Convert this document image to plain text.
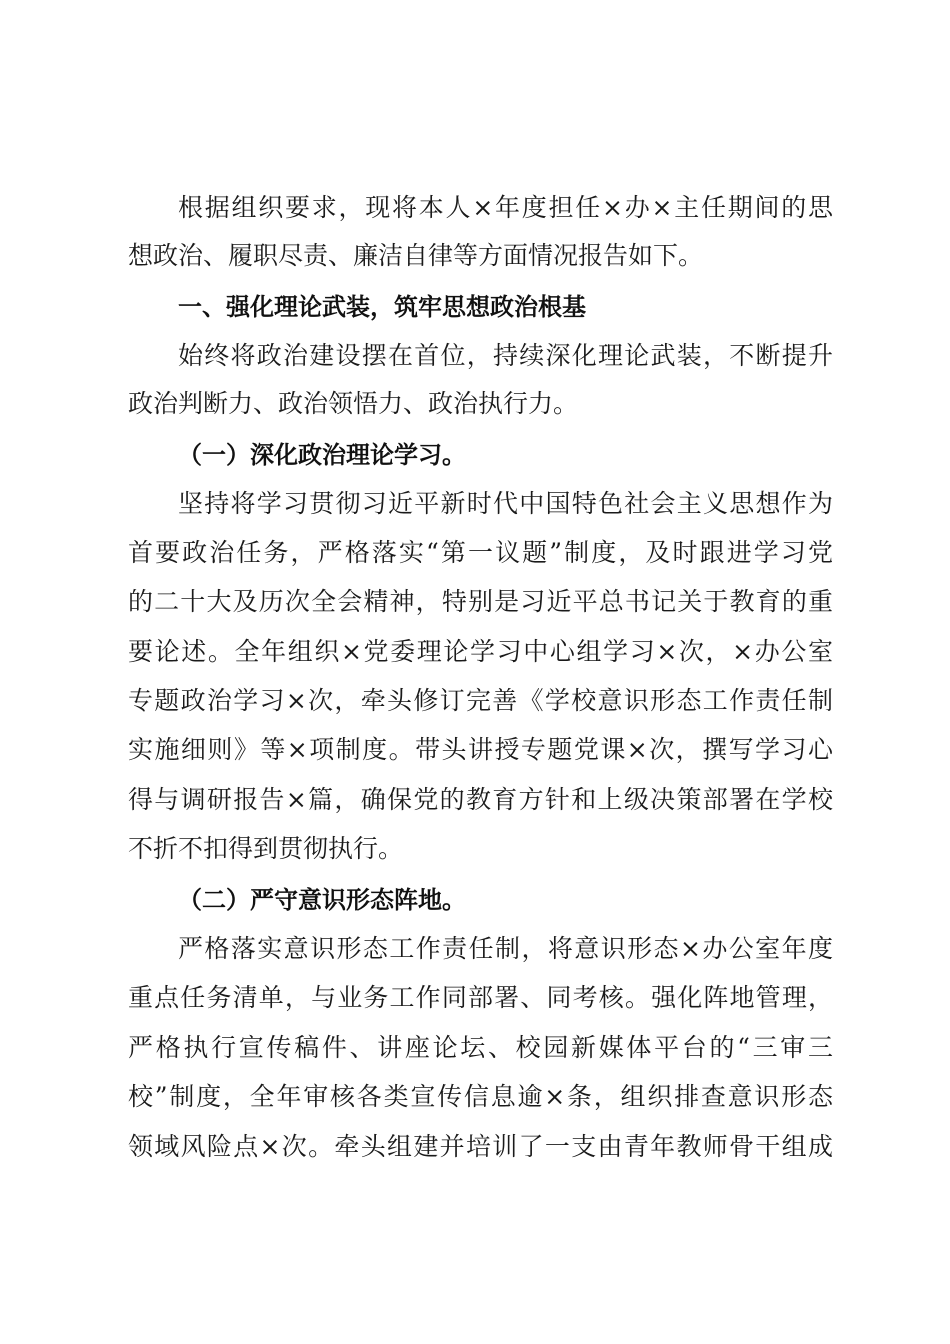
根据组织要求，现将本人×年度担任×办×主任期间的思
想政治、履职尽责、廉洁自律等方面情况报告如下。
一、强化理论武装，筑牢思想政治根基
始终将政治建设摆在首位，持续深化理论武装，不断提升
政治判断力、政治领悟力、政治执行力。
（一）深化政治理论学习。
坚持将学习贯彻习近平新时代中国特色社会主义思想作为
首要政治任务，严格落实“第一议题”制度，及时跟进学习党
的二十大及历次全会精神，特别是习近平总书记关于教育的重
要论述。全年组织×党委理论学习中心组学习×次，×办公室
专题政治学习×次，牵头修订完善《学校意识形态工作责任制
实施细则》等×项制度。带头讲授专题党课×次，撰写学习心
得与调研报告×篇，确保党的教育方针和上级决策部署在学校
不折不扣得到贯彻执行。
（二）严守意识形态阵地。
严格落实意识形态工作责任制，将意识形态×办公室年度
重点任务清单，与业务工作同部署、同考核。强化阵地管理，
严格执行宣传稿件、讲座论坛、校园新媒体平台的“三审三
校”制度，全年审核各类宣传信息逾×条，组织排查意识形态
领域风险点×次。牵头组建并培训了一支由青年教师骨干组成
